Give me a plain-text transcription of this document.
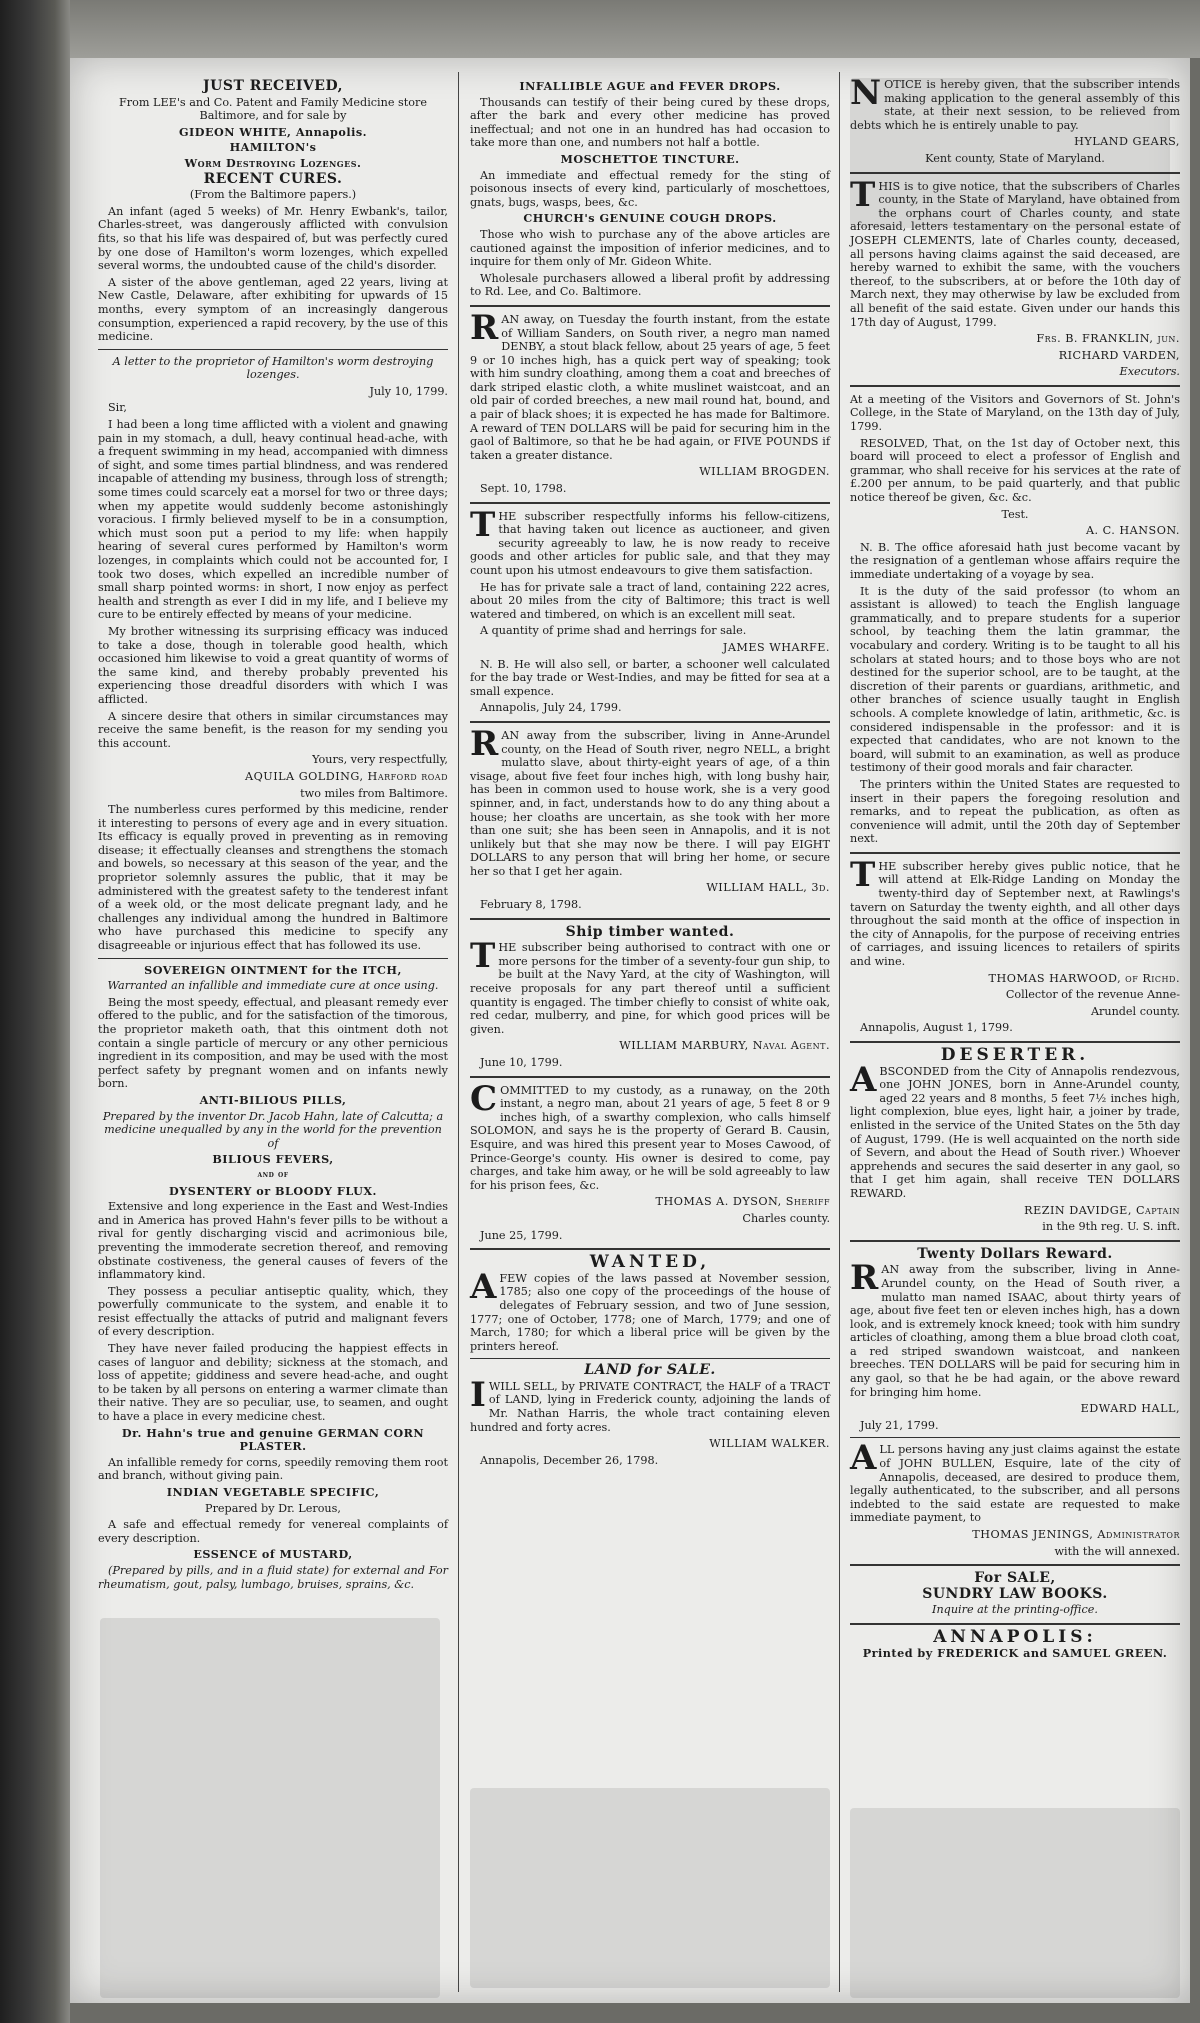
JUST RECEIVED,

From LEE's and Co. Patent and Family Medicine store Baltimore, and for sale by

GIDEON WHITE, Annapolis.
HAMILTON's
Worm Destroying Lozenges.
RECENT CURES.

(From the Baltimore papers.)

An infant (aged 5 weeks) of Mr. Henry Ewbank's, tailor, Charles-street, was dangerously afflicted with convulsion fits, so that his life was despaired of, but was perfectly cured by one dose of Hamilton's worm lozenges, which expelled several worms, the undoubted cause of the child's disorder.

A sister of the above gentleman, aged 22 years, living at New Castle, Delaware, after exhibiting for upwards of 15 months, every symptom of an increasingly dangerous consumption, experienced a rapid recovery, by the use of this medicine.

A letter to the proprietor of Hamilton's worm destroying lozenges.

July 10, 1799.

Sir,

I had been a long time afflicted with a violent and gnawing pain in my stomach, a dull, heavy continual head-ache, with a frequent swimming in my head, accompanied with dimness of sight, and some times partial blindness, and was rendered incapable of attending my business, through loss of strength; some times could scarcely eat a morsel for two or three days; when my appetite would suddenly become astonishingly voracious. I firmly believed myself to be in a consumption, which must soon put a period to my life: when happily hearing of several cures performed by Hamilton's worm lozenges, in complaints which could not be accounted for, I took two doses, which expelled an incredible number of small sharp pointed worms: in short, I now enjoy as perfect health and strength as ever I did in my life, and I believe my cure to be entirely effected by means of your medicine.

My brother witnessing its surprising efficacy was induced to take a dose, though in tolerable good health, which occasioned him likewise to void a great quantity of worms of the same kind, and thereby probably prevented his experiencing those dreadful disorders with which I was afflicted.

A sincere desire that others in similar circumstances may receive the same benefit, is the reason for my sending you this account.

Yours, very respectfully,

AQUILA GOLDING, Harford road

two miles from Baltimore.

The numberless cures performed by this medicine, render it interesting to persons of every age and in every situation. Its efficacy is equally proved in preventing as in removing disease; it effectually cleanses and strengthens the stomach and bowels, so necessary at this season of the year, and the proprietor solemnly assures the public, that it may be administered with the greatest safety to the tenderest infant of a week old, or the most delicate pregnant lady, and he challenges any individual among the hundred in Baltimore who have purchased this medicine to specify any disagreeable or injurious effect that has followed its use.

SOVEREIGN OINTMENT for the ITCH,

Warranted an infallible and immediate cure at once using.

Being the most speedy, effectual, and pleasant remedy ever offered to the public, and for the satisfaction of the timorous, the proprietor maketh oath, that this ointment doth not contain a single particle of mercury or any other pernicious ingredient in its composition, and may be used with the most perfect safety by pregnant women and on infants newly born.

ANTI-BILIOUS PILLS,

Prepared by the inventor Dr. Jacob Hahn, late of Calcutta; a medicine unequalled by any in the world for the prevention of

BILIOUS FEVERS,
and of
DYSENTERY or BLOODY FLUX.

Extensive and long experience in the East and West-Indies and in America has proved Hahn's fever pills to be without a rival for gently discharging viscid and acrimonious bile, preventing the immoderate secretion thereof, and removing obstinate costiveness, the general causes of fevers of the inflammatory kind.

They possess a peculiar antiseptic quality, which, they powerfully communicate to the system, and enable it to resist effectually the attacks of putrid and malignant fevers of every description.

They have never failed producing the happiest effects in cases of languor and debility; sickness at the stomach, and loss of appetite; giddiness and severe head-ache, and ought to be taken by all persons on entering a warmer climate than their native. They are so peculiar, use, to seamen, and ought to have a place in every medicine chest.

Dr. Hahn's true and genuine GERMAN CORN PLASTER.

An infallible remedy for corns, speedily removing them root and branch, without giving pain.

INDIAN VEGETABLE SPECIFIC,

Prepared by Dr. Lerous,

A safe and effectual remedy for venereal complaints of every description.

ESSENCE of MUSTARD,

(Prepared by pills, and in a fluid state) for external and For rheumatism, gout, palsy, lumbago, bruises, sprains, &c.

INFALLIBLE AGUE and FEVER DROPS.

Thousands can testify of their being cured by these drops, after the bark and every other medicine has proved ineffectual; and not one in an hundred has had occasion to take more than one, and numbers not half a bottle.

MOSCHETTOE TINCTURE.

An immediate and effectual remedy for the sting of poisonous insects of every kind, particularly of moschettoes, gnats, bugs, wasps, bees, &c.

CHURCH's GENUINE COUGH DROPS.

Those who wish to purchase any of the above articles are cautioned against the imposition of inferior medicines, and to inquire for them only of Mr. Gideon White.

Wholesale purchasers allowed a liberal profit by addressing to Rd. Lee, and Co. Baltimore.

RAN away, on Tuesday the fourth instant, from the estate of William Sanders, on South river, a negro man named DENBY, a stout black fellow, about 25 years of age, 5 feet 9 or 10 inches high, has a quick pert way of speaking; took with him sundry cloathing, among them a coat and breeches of dark striped elastic cloth, a white muslinet waistcoat, and an old pair of corded breeches, a new mail round hat, bound, and a pair of black shoes; it is expected he has made for Baltimore. A reward of TEN DOLLARS will be paid for securing him in the gaol of Baltimore, so that he be had again, or FIVE POUNDS if taken a greater distance.

WILLIAM BROGDEN.

Sept. 10, 1798.

THE subscriber respectfully informs his fellow-citizens, that having taken out licence as auctioneer, and given security agreeably to law, he is now ready to receive goods and other articles for public sale, and that they may count upon his utmost endeavours to give them satisfaction.

He has for private sale a tract of land, containing 222 acres, about 20 miles from the city of Baltimore; this tract is well watered and timbered, on which is an excellent mill seat.

A quantity of prime shad and herrings for sale.

JAMES WHARFE.

N. B. He will also sell, or barter, a schooner well calculated for the bay trade or West-Indies, and may be fitted for sea at a small expence.

Annapolis, July 24, 1799.

RAN away from the subscriber, living in Anne-Arundel county, on the Head of South river, negro NELL, a bright mulatto slave, about thirty-eight years of age, of a thin visage, about five feet four inches high, with long bushy hair, has been in common used to house work, she is a very good spinner, and, in fact, understands how to do any thing about a house; her cloaths are uncertain, as she took with her more than one suit; she has been seen in Annapolis, and it is not unlikely but that she may now be there. I will pay EIGHT DOLLARS to any person that will bring her home, or secure her so that I get her again.

WILLIAM HALL, 3d.

February 8, 1798.

Ship timber wanted.

THE subscriber being authorised to contract with one or more persons for the timber of a seventy-four gun ship, to be built at the Navy Yard, at the city of Washington, will receive proposals for any part thereof until a sufficient quantity is engaged. The timber chiefly to consist of white oak, red cedar, mulberry, and pine, for which good prices will be given.

WILLIAM MARBURY, Naval Agent.

June 10, 1799.

COMMITTED to my custody, as a runaway, on the 20th instant, a negro man, about 21 years of age, 5 feet 8 or 9 inches high, of a swarthy complexion, who calls himself SOLOMON, and says he is the property of Gerard B. Causin, Esquire, and was hired this present year to Moses Cawood, of Prince-George's county. His owner is desired to come, pay charges, and take him away, or he will be sold agreeably to law for his prison fees, &c.

THOMAS A. DYSON, Sheriff

Charles county.

June 25, 1799.

WANTED,

AFEW copies of the laws passed at November session, 1785; also one copy of the proceedings of the house of delegates of February session, and two of June session, 1777; one of October, 1778; one of March, 1779; and one of March, 1780; for which a liberal price will be given by the printers hereof.

LAND for SALE.

IWILL SELL, by PRIVATE CONTRACT, the HALF of a TRACT of LAND, lying in Frederick county, adjoining the lands of Mr. Nathan Harris, the whole tract containing eleven hundred and forty acres.

WILLIAM WALKER.

Annapolis, December 26, 1798.

NOTICE is hereby given, that the subscriber intends making application to the general assembly of this state, at their next session, to be relieved from debts which he is entirely unable to pay.

HYLAND GEARS,

Kent county, State of Maryland.

THIS is to give notice, that the subscribers of Charles county, in the State of Maryland, have obtained from the orphans court of Charles county, and state aforesaid, letters testamentary on the personal estate of JOSEPH CLEMENTS, late of Charles county, deceased, all persons having claims against the said deceased, are hereby warned to exhibit the same, with the vouchers thereof, to the subscribers, at or before the 10th day of March next, they may otherwise by law be excluded from all benefit of the said estate. Given under our hands this 17th day of August, 1799.

Frs. B. FRANKLIN, jun.

RICHARD VARDEN,

Executors.

At a meeting of the Visitors and Governors of St. John's College, in the State of Maryland, on the 13th day of July, 1799.

RESOLVED, That, on the 1st day of October next, this board will proceed to elect a professor of English and grammar, who shall receive for his services at the rate of £.200 per annum, to be paid quarterly, and that public notice thereof be given, &c. &c.

Test.

A. C. HANSON.

N. B. The office aforesaid hath just become vacant by the resignation of a gentleman whose affairs require the immediate undertaking of a voyage by sea.

It is the duty of the said professor (to whom an assistant is allowed) to teach the English language grammatically, and to prepare students for a superior school, by teaching them the latin grammar, the vocabulary and cordery. Writing is to be taught to all his scholars at stated hours; and to those boys who are not destined for the superior school, are to be taught, at the discretion of their parents or guardians, arithmetic, and other branches of science usually taught in English schools. A complete knowledge of latin, arithmetic, &c. is considered indispensable in the professor: and it is expected that candidates, who are not known to the board, will submit to an examination, as well as produce testimony of their good morals and fair character.

The printers within the United States are requested to insert in their papers the foregoing resolution and remarks, and to repeat the publication, as often as convenience will admit, until the 20th day of September next.

THE subscriber hereby gives public notice, that he will attend at Elk-Ridge Landing on Monday the twenty-third day of September next, at Rawlings's tavern on Saturday the twenty eighth, and all other days throughout the said month at the office of inspection in the city of Annapolis, for the purpose of receiving entries of carriages, and issuing licences to retailers of spirits and wine.

THOMAS HARWOOD, of Richd.

Collector of the revenue Anne-

Arundel county.

Annapolis, August 1, 1799.

DESERTER.

ABSCONDED from the City of Annapolis rendezvous, one JOHN JONES, born in Anne-Arundel county, aged 22 years and 8 months, 5 feet 7½ inches high, light complexion, blue eyes, light hair, a joiner by trade, enlisted in the service of the United States on the 5th day of August, 1799. (He is well acquainted on the north side of Severn, and about the Head of South river.) Whoever apprehends and secures the said deserter in any gaol, so that I get him again, shall receive TEN DOLLARS REWARD.

REZIN DAVIDGE, Captain

in the 9th reg. U. S. inft.

Twenty Dollars Reward.

RAN away from the subscriber, living in Anne-Arundel county, on the Head of South river, a mulatto man named ISAAC, about thirty years of age, about five feet ten or eleven inches high, has a down look, and is extremely knock kneed; took with him sundry articles of cloathing, among them a blue broad cloth coat, a red striped swandown waistcoat, and nankeen breeches. TEN DOLLARS will be paid for securing him in any gaol, so that he be had again, or the above reward for bringing him home.

EDWARD HALL,

July 21, 1799.

ALL persons having any just claims against the estate of JOHN BULLEN, Esquire, late of the city of Annapolis, deceased, are desired to produce them, legally authenticated, to the subscriber, and all persons indebted to the said estate are requested to make immediate payment, to

THOMAS JENINGS, Administrator

with the will annexed.

For SALE,
SUNDRY LAW BOOKS.

Inquire at the printing-office.

ANNAPOLIS:
Printed by FREDERICK and SAMUEL GREEN.
